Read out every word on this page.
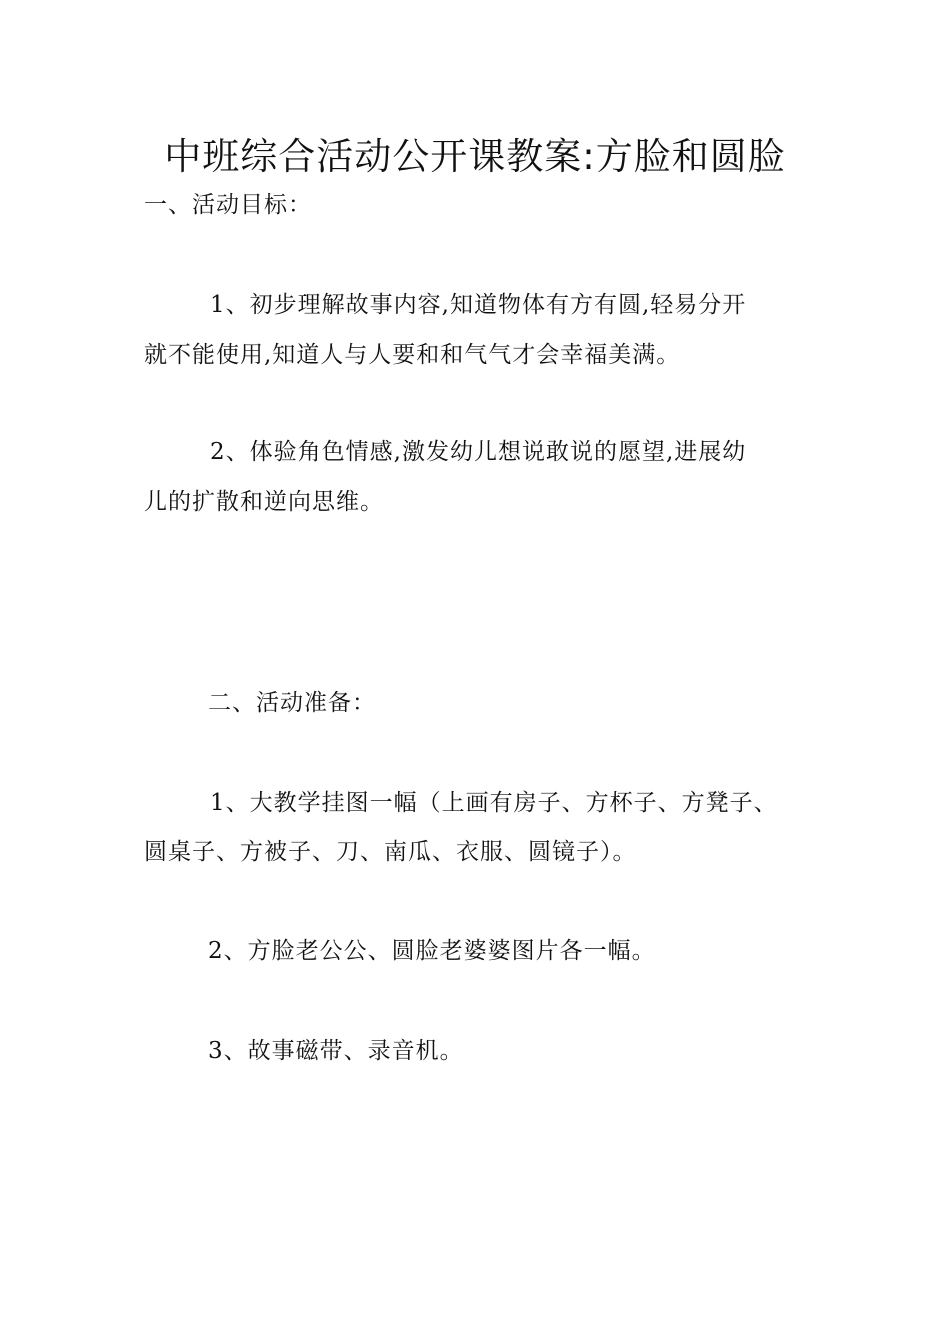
中班综合活动公开课教案:方脸和圆脸
一、活动目标：
1、初步理解故事内容,知道物体有方有圆,轻易分开
就不能使用,知道人与人要和和气气才会幸福美满。
2、体验角色情感,激发幼儿想说敢说的愿望,进展幼
儿的扩散和逆向思维。
二、活动准备：
1、大教学挂图一幅（上画有房子、方杯子、方凳子、
圆桌子、方被子、刀、南瓜、衣服、圆镜子）。
2、方脸老公公、圆脸老婆婆图片各一幅。
3、故事磁带、录音机。
